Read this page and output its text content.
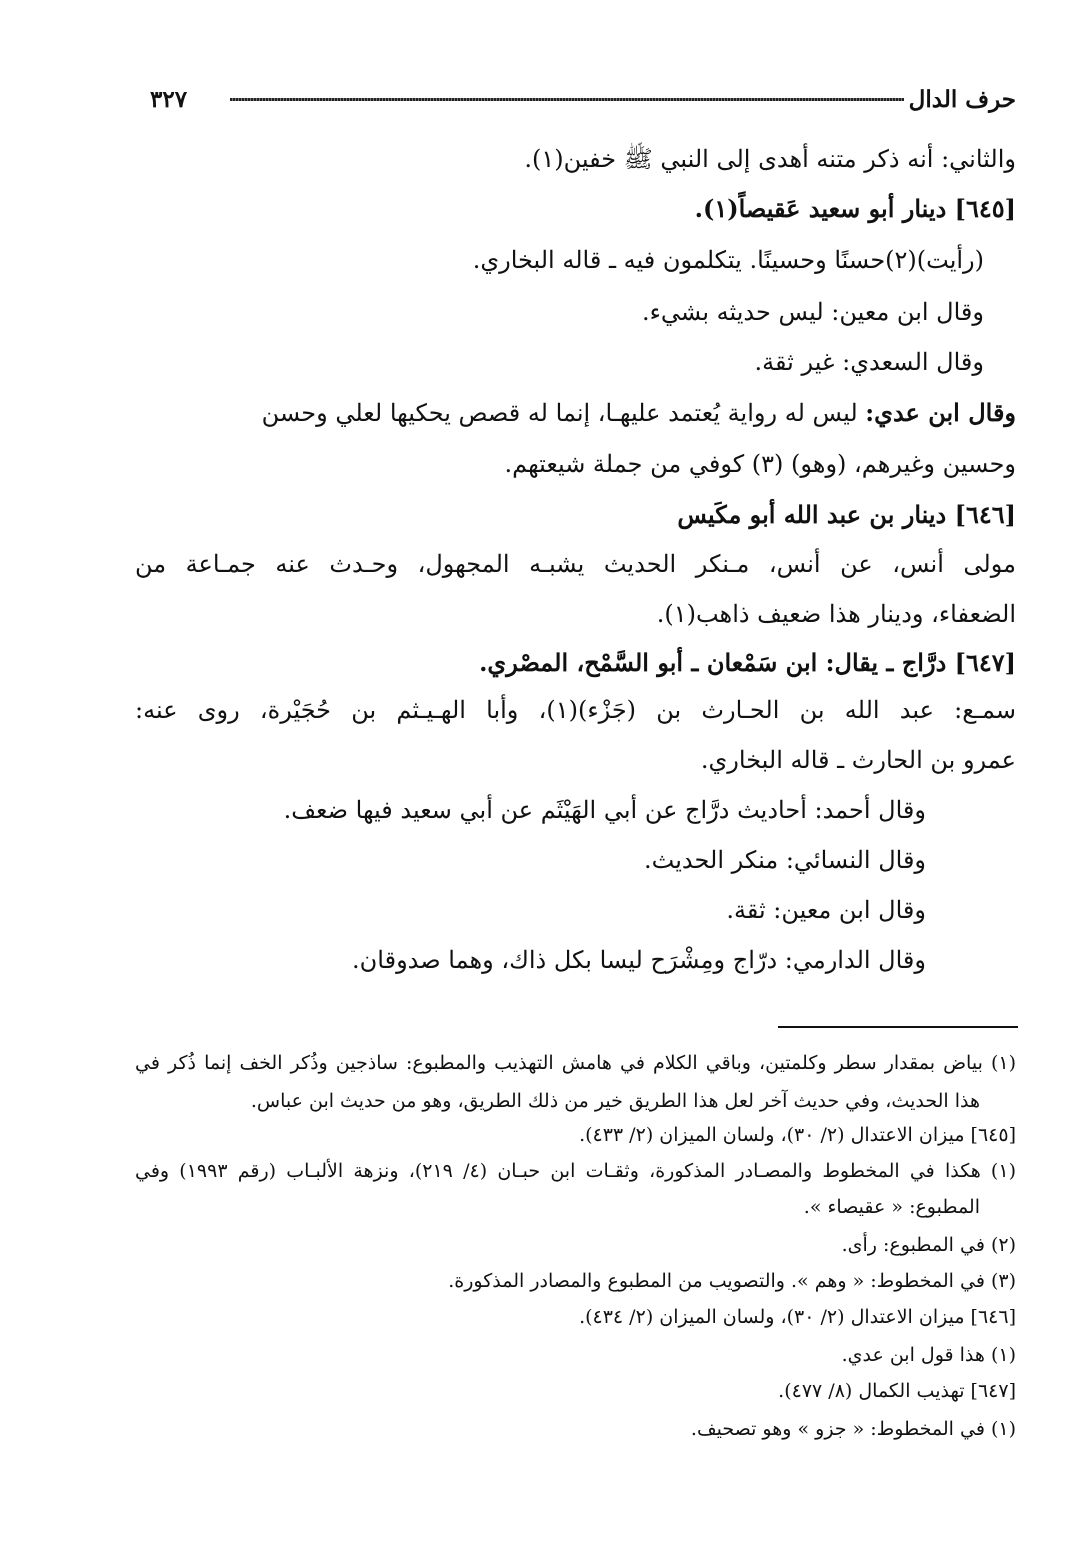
حرف الدال
٣٢٧
والثاني: أنه ذكر متنه أهدى إلى النبي ﷺ خفين(١).
[٦٤٥] دينار أبو سعيد عَقيصاً(١).
(رأيت)(٢)حسنًا وحسينًا. يتكلمون فيه ـ قاله البخاري.
وقال ابن معين: ليس حديثه بشيء.
وقال السعدي: غير ثقة.
وقال ابن عدي: ليس له رواية يُعتمد عليهـا، إنما له قصص يحكيها لعلي وحسن
وحسين وغيرهم، (وهو) (٣) كوفي من جملة شيعتهم.
[٦٤٦] دينار بن عبد الله أبو مكَيس
مولى أنس، عن أنس، مـنكر الحديث يشبـه المجهول، وحـدث عنه جمـاعة من
الضعفاء، ودينار هذا ضعيف ذاهب(١).
[٦٤٧] درَّاج ـ يقال: ابن سَمْعان ـ أبو السَّمْح، المصْري.
سمـع: عبد الله بن الحـارث بن (جَزْء)(١)، وأبا الهـيـثم بن حُجَيْرة، روى عنه:
عمرو بن الحارث ـ قاله البخاري.
وقال أحمد: أحاديث درَّاج عن أبي الهَيْثَم عن أبي سعيد فيها ضعف.
وقال النسائي: منكر الحديث.
وقال ابن معين: ثقة.
وقال الدارمي: درّاج ومِشْرَح ليسا بكل ذاك، وهما صدوقان.
(١) بياض بمقدار سطر وكلمتين، وباقي الكلام في هامش التهذيب والمطبوع: ساذجين وذُكر الخف إنما ذُكر في
هذا الحديث، وفي حديث آخر لعل هذا الطريق خير من ذلك الطريق، وهو من حديث ابن عباس.
[٦٤٥] ميزان الاعتدال (٢/ ٣٠)، ولسان الميزان (٢/ ٤٣٣).
(١) هكذا في المخطوط والمصـادر المذكورة، وثقـات ابن حبـان (٤/ ٢١٩)، ونزهة الألبـاب (رقم ١٩٩٣) وفي
المطبوع: « عقيصاء ».
(٢) في المطبوع: رأى.
(٣) في المخطوط: « وهم ». والتصويب من المطبوع والمصادر المذكورة.
[٦٤٦] ميزان الاعتدال (٢/ ٣٠)، ولسان الميزان (٢/ ٤٣٤).
(١) هذا قول ابن عدي.
[٦٤٧] تهذيب الكمال (٨/ ٤٧٧).
(١) في المخطوط: « جزو » وهو تصحيف.
